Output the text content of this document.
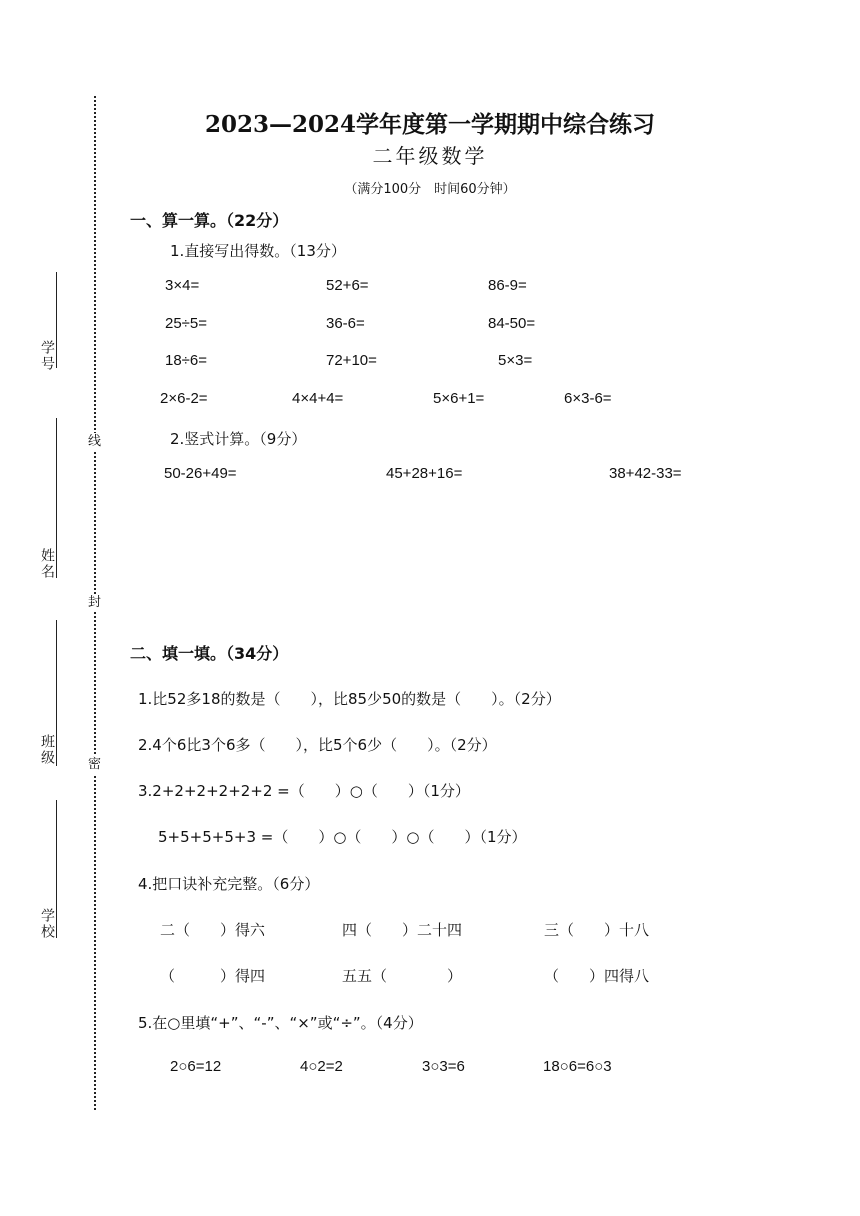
学号
姓名
班级
学校
线
封
密
2023—2024学年度第一学期期中综合练习
二年级数学
（满分100分　时间60分钟）
一、算一算。（22分）
1.直接写出得数。（13分）
3×4=	52+6=	86-9=
25÷5=	36-6=	84-50=
18÷6=	72+10=	5×3=
2×6-2=	4×4+4=	5×6+1=	6×3-6=
2.竖式计算。（9分）
50-26+49=	45+28+16=	38+42-33=
二、填一填。（34分）
1.比52多18的数是（　　），比85少50的数是（　　）。（2分）
2.4个6比3个6多（　　），比5个6少（　　）。（2分）
3.2+2+2+2+2+2 =（　　）○（　　）（1分）
5+5+5+5+3 =（　　）○（　　）○（　　）（1分）
4.把口诀补充完整。（6分）
二（　　）得六	四（　　）二十四	三（　　）十八
（　　　）得四	五五（　　　　）	（　　）四得八
5.在○里填“+”、“-”、“×”或“÷”。（4分）
2○6=12	4○2=2	3○3=6	18○6=6○3
